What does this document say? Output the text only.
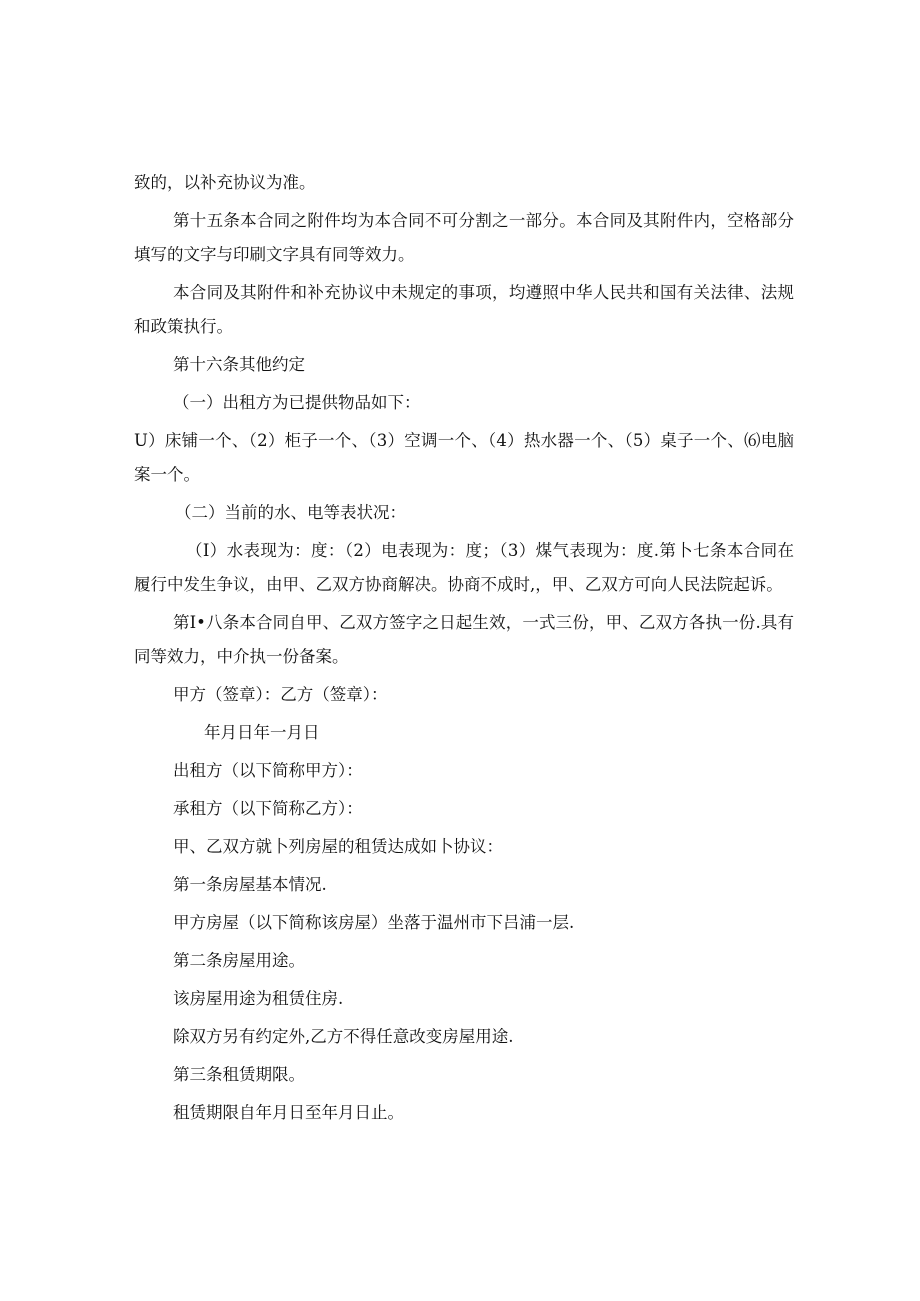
致的，以补充协议为准。

第十五条本合同之附件均为本合同不可分割之一部分。本合同及其附件内，空格部分填写的文字与印刷文字具有同等效力。

本合同及其附件和补充协议中未规定的事项，均遵照中华人民共和国有关法律、法规和政策执行。

第十六条其他约定

（一）出租方为已提供物品如下：

U）床铺一个、（2）柜子一个、（3）空调一个、（4）热水器一个、（5）桌子一个、⑹电脑案一个。

（二）当前的水、电等表状况：

（I）水表现为：度：（2）电表现为：度；（3）煤气表现为：度.第卜七条本合同在履行中发生争议，由甲、乙双方协商解决。协商不成时,，甲、乙双方可向人民法院起诉。

第I•八条本合同自甲、乙双方签字之日起生效，一式三份，甲、乙双方各执一份.具有同等效力，中介执一份备案。

甲方（签章）：乙方（签章）：

年月日年一月日

出租方（以下简称甲方）：

承租方（以下简称乙方）：

甲、乙双方就卜列房屋的租赁达成如卜协议：

第一条房屋基本情况.

甲方房屋（以下简称该房屋）坐落于温州市下吕浦一层.

第二条房屋用途。

该房屋用途为租赁住房.

除双方另有约定外,乙方不得任意改变房屋用途.

第三条租赁期限。

租赁期限自年月日至年月日止。
